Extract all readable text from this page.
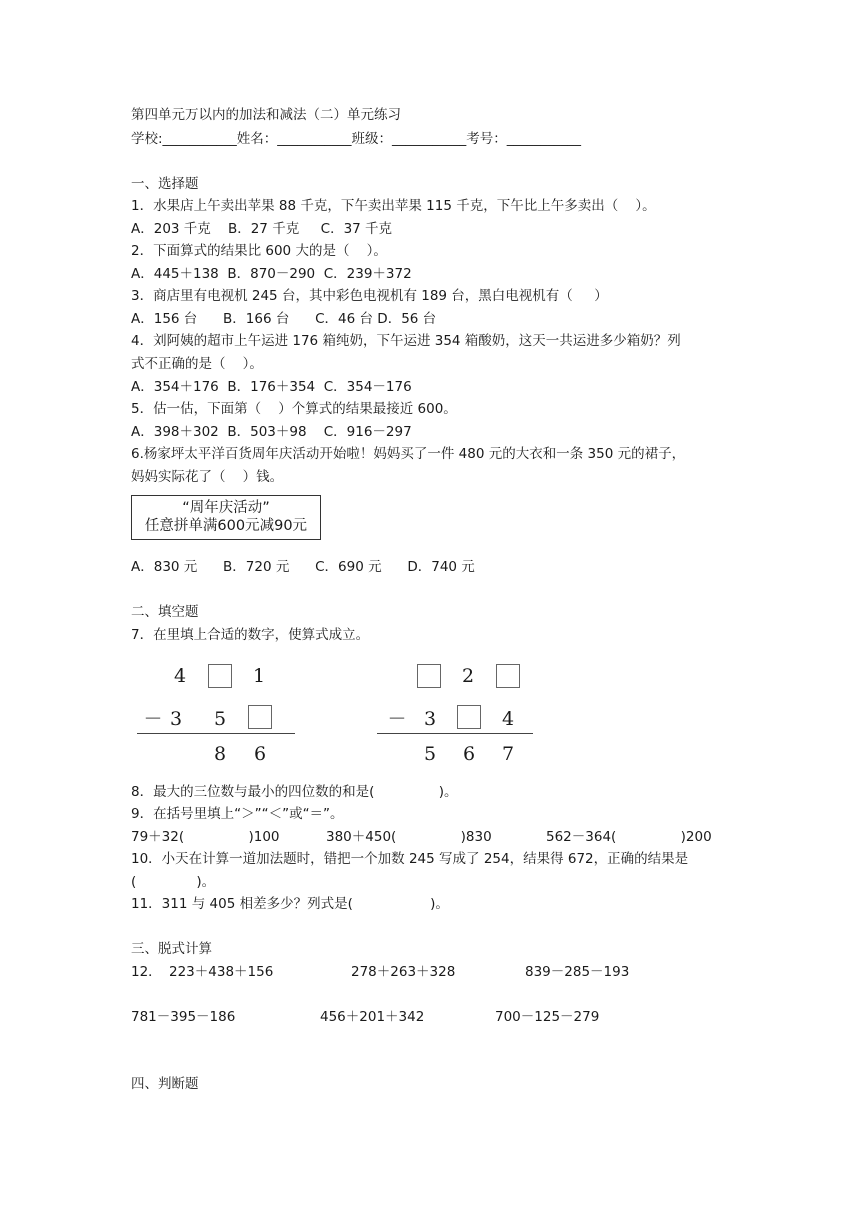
第四单元万以内的加法和减法（二）单元练习
学校:___________姓名：___________班级：___________考号：___________
一、选择题
1．水果店上午卖出苹果 88 千克，下午卖出苹果 115 千克，下午比上午多卖出（    ）。
A．203 千克    B．27 千克     C．37 千克
2．下面算式的结果比 600 大的是（    ）。
A．445＋138  B．870－290  C．239＋372
3．商店里有电视机 245 台，其中彩色电视机有 189 台，黑白电视机有（     ）
A．156 台      B．166 台      C．46 台 D．56 台
4．刘阿姨的超市上午运进 176 箱纯奶，下午运进 354 箱酸奶，这天一共运进多少箱奶？列
式不正确的是（    ）。
A．354＋176  B．176＋354  C．354－176
5．估一估，下面第（    ）个算式的结果最接近 600。
A．398＋302  B．503＋98    C．916－297
6.杨家坪太平洋百货周年庆活动开始啦！妈妈买了一件 480 元的大衣和一条 350 元的裙子，
妈妈实际花了（    ）钱。
“周年庆活动”
任意拼单满600元减90元
A．830 元      B．720 元      C．690 元      D．740 元
二、填空题
7．在里填上合适的数字，使算式成立。
4	1
－ 3 5
8 6
2
－ 3	4
5 6 7
8．最大的三位数与最小的四位数的和是(               )。
9．在括号里填上“＞”“＜”或“＝”。
79＋32(               )100	380＋450(               )830	562－364(               )200
10．小天在计算一道加法题时，错把一个加数 245 写成了 254，结果得 672，正确的结果是
(              )。
11．311 与 405 相差多少？列式是(                  )。
三、脱式计算
12． 223＋438＋156	278＋263＋328	839－285－193
781－395－186	456＋201＋342	700－125－279
四、判断题
